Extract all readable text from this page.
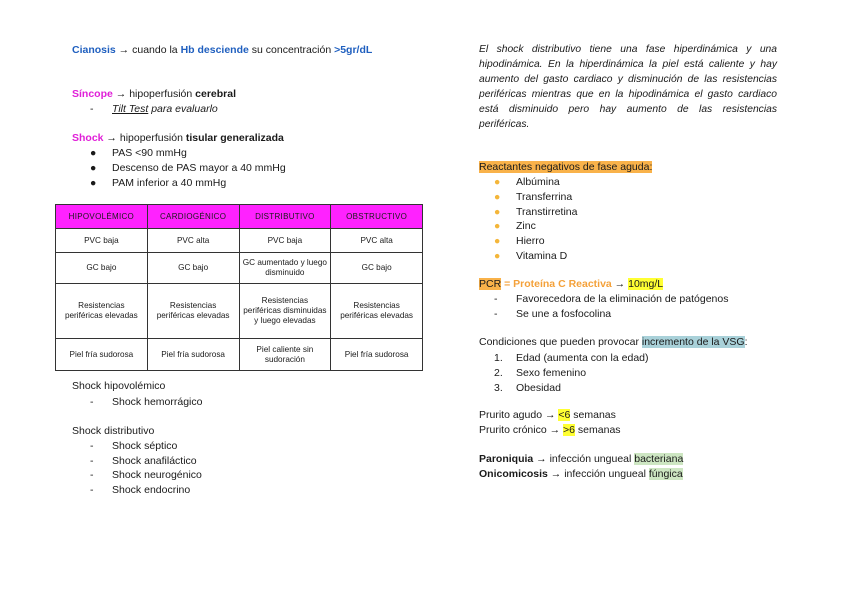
Cianosis → cuando la Hb desciende su concentración >5gr/dL
Síncope → hipoperfusión cerebral
- Tilt Test para evaluarlo
Shock → hipoperfusión tisular generalizada
● PAS <90 mmHg
● Descenso de PAS mayor a 40 mmHg
● PAM inferior a 40 mmHg
HIPOVOLÉMICO	CARDIOGÉNICO	DISTRIBUTIVO	OBSTRUCTIVO
PVC baja	PVC alta	PVC baja	PVC alta
GC bajo	GC bajo	GC aumentado y luego disminuido	GC bajo
Resistencias periféricas elevadas	Resistencias periféricas elevadas	Resistencias periféricas disminuidas y luego elevadas	Resistencias periféricas elevadas
Piel fría sudorosa	Piel fría sudorosa	Piel caliente sin sudoración	Piel fría sudorosa
Shock hipovolémico
- Shock hemorrágico
Shock distributivo
- Shock séptico
- Shock anafiláctico
- Shock neurogénico
- Shock endocrino
El shock distributivo tiene una fase hiperdinámica y una hipodinámica. En la hiperdinámica la piel está caliente y hay aumento del gasto cardiaco y disminución de las resistencias periféricas mientras que en la hipodinámica el gasto cardiaco está disminuido pero hay aumento de las resistencias periféricas.
Reactantes negativos de fase aguda:
● Albúmina
● Transferrina
● Transtirretina
● Zinc
● Hierro
● Vitamina D
PCR = Proteína C Reactiva → 10mg/L
- Favorecedora de la eliminación de patógenos
- Se une a fosfocolina
Condiciones que pueden provocar incremento de la VSG:
1. Edad (aumenta con la edad)
2. Sexo femenino
3. Obesidad
Prurito agudo → <6 semanas
Prurito crónico → >6 semanas
Paroniquia → infección ungueal bacteriana
Onicomicosis → infección ungueal fúngica
